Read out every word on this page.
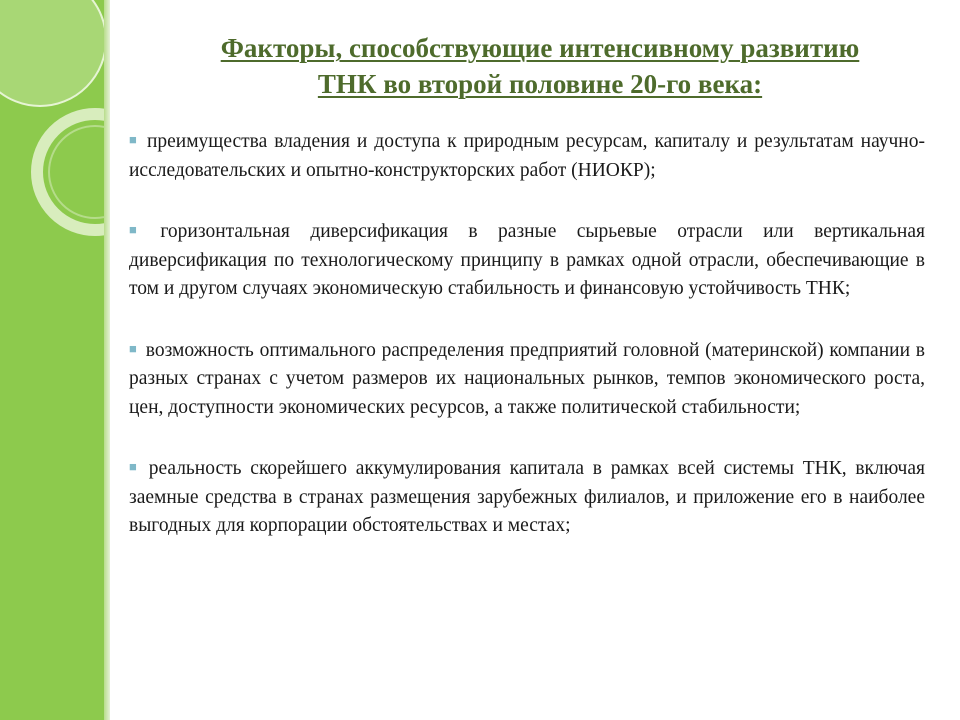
Факторы, способствующие интенсивному развитию
ТНК во второй половине 20-го века:

■ преимущества владения и доступа к природным ресурсам, капиталу и результатам научно-исследовательских и опытно-конструкторских работ (НИОКР);

■ горизонтальная диверсификация в разные сырьевые отрасли или вертикальная диверсификация по технологическому принципу в рамках одной отрасли, обеспечивающие в том и другом случаях экономическую стабильность и финансовую устойчивость ТНК;

■ возможность оптимального распределения предприятий головной (материнской) компании в разных странах с учетом размеров их национальных рынков, темпов экономического роста, цен, доступности экономических ресурсов, а также политической стабильности;

■ реальность скорейшего аккумулирования капитала в рамках всей системы ТНК, включая заемные средства в странах размещения зарубежных филиалов, и приложение его в наиболее выгодных для корпорации обстоятельствах и местах;
